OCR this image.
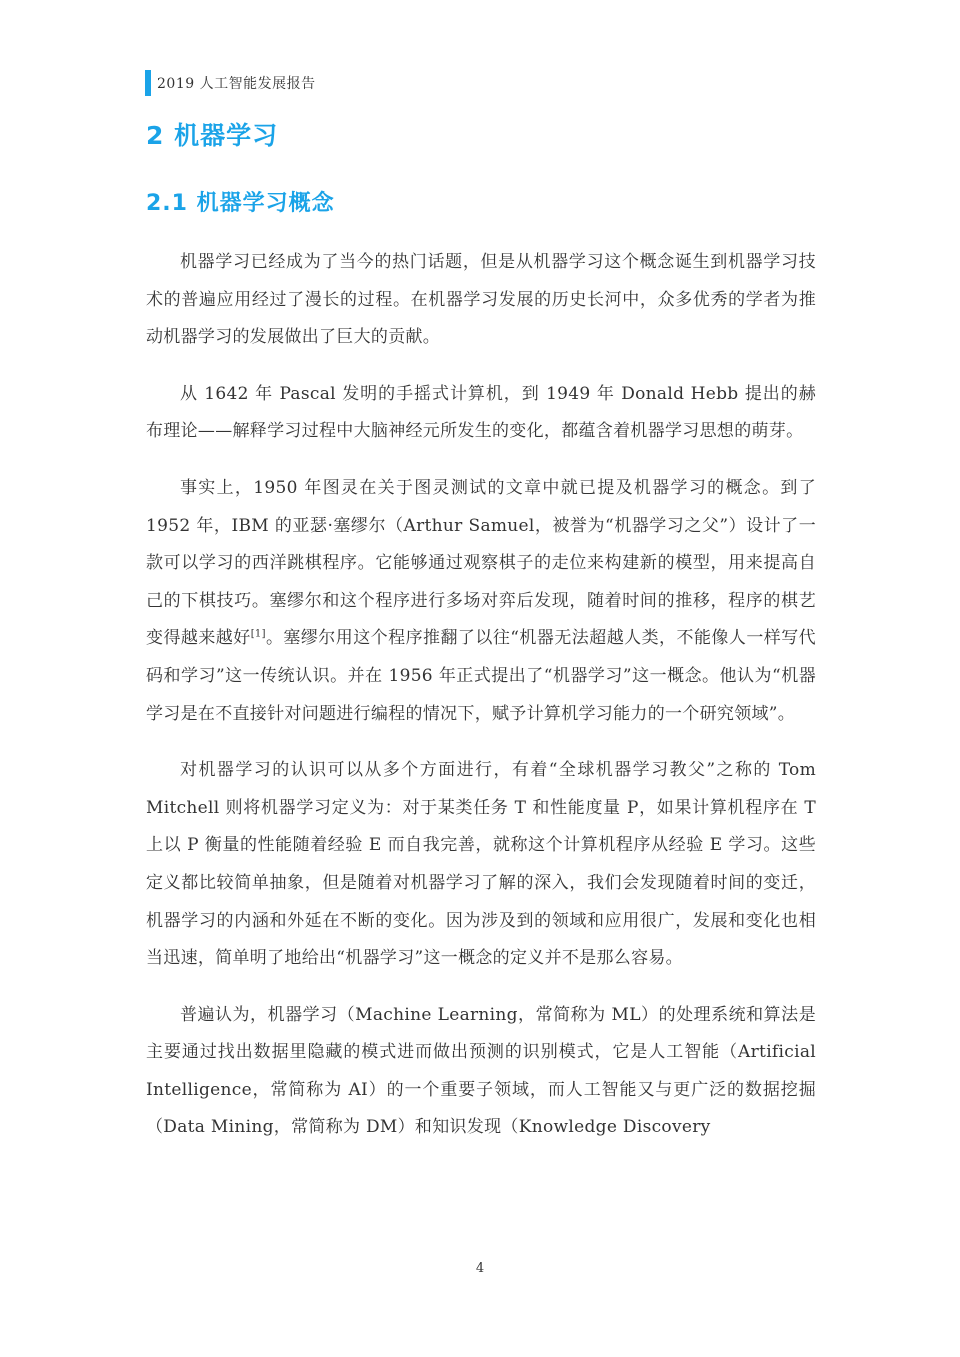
2019 人工智能发展报告
2 机器学习
2.1 机器学习概念

机器学习已经成为了当今的热门话题，但是从机器学习这个概念诞生到机器学习技术的普遍应用经过了漫长的过程。在机器学习发展的历史长河中，众多优秀的学者为推动机器学习的发展做出了巨大的贡献。

从 1642 年 Pascal 发明的手摇式计算机，到 1949 年 Donald Hebb 提出的赫布理论——解释学习过程中大脑神经元所发生的变化，都蕴含着机器学习思想的萌芽。

事实上，1950 年图灵在关于图灵测试的文章中就已提及机器学习的概念。到了 1952 年，IBM 的亚瑟·塞缪尔（Arthur Samuel，被誉为“机器学习之父”）设计了一款可以学习的西洋跳棋程序。它能够通过观察棋子的走位来构建新的模型，用来提高自己的下棋技巧。塞缪尔和这个程序进行多场对弈后发现，随着时间的推移，程序的棋艺变得越来越好[1]。塞缪尔用这个程序推翻了以往“机器无法超越人类，不能像人一样写代码和学习”这一传统认识。并在 1956 年正式提出了“机器学习”这一概念。他认为“机器学习是在不直接针对问题进行编程的情况下，赋予计算机学习能力的一个研究领域”。

对机器学习的认识可以从多个方面进行，有着“全球机器学习教父”之称的 Tom Mitchell 则将机器学习定义为：对于某类任务 T 和性能度量 P，如果计算机程序在 T 上以 P 衡量的性能随着经验 E 而自我完善，就称这个计算机程序从经验 E 学习。这些定义都比较简单抽象，但是随着对机器学习了解的深入，我们会发现随着时间的变迁，机器学习的内涵和外延在不断的变化。因为涉及到的领域和应用很广，发展和变化也相当迅速，简单明了地给出“机器学习”这一概念的定义并不是那么容易。

普遍认为，机器学习（Machine Learning，常简称为 ML）的处理系统和算法是主要通过找出数据里隐藏的模式进而做出预测的识别模式，它是人工智能（Artificial Intelligence，常简称为 AI）的一个重要子领域，而人工智能又与更广泛的数据挖掘（Data Mining，常简称为 DM）和知识发现（Knowledge Discovery

4
